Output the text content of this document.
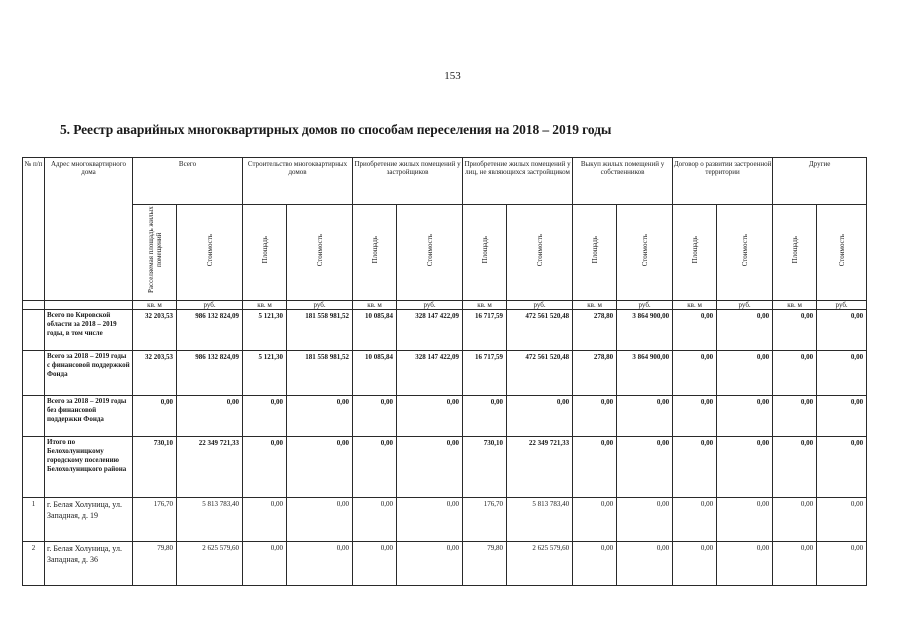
153
5. Реестр аварийных многоквартирных домов по способам переселения на 2018 – 2019 годы
№ п/п	Адрес многоквартирного дома	Всего		Строительство многоквартирных домов		Приобретение жилых помещений у застройщиков		Приобретение жилых помещений у лиц, не являющихся застройщиком		Выкуп жилых помещений у собственников		Договор о развитии застроенной территории		Другие	
		Расселяемая площадь жилых помещений	Стоимость	Площадь	Стоимость	Площадь	Стоимость	Площадь	Стоимость	Площадь	Стоимость	Площадь	Стоимость	Площадь	Стоимость
		кв. м	руб.	кв. м	руб.	кв. м	руб.	кв. м	руб.	кв. м	руб.	кв. м	руб.	кв. м	руб.
	Всего по Кировской области за 2018 – 2019 годы, в том числе	32 203,53	986 132 824,09	5 121,30	181 558 981,52	10 085,84	328 147 422,09	16 717,59	472 561 520,48	278,80	3 864 900,00	0,00	0,00	0,00	0,00
	Всего за 2018 – 2019 годы с финансовой поддержкой Фонда	32 203,53	986 132 824,09	5 121,30	181 558 981,52	10 085,84	328 147 422,09	16 717,59	472 561 520,48	278,80	3 864 900,00	0,00	0,00	0,00	0,00
	Всего за 2018 – 2019 годы без финансовой поддержки Фонда	0,00	0,00	0,00	0,00	0,00	0,00	0,00	0,00	0,00	0,00	0,00	0,00	0,00	0,00
	Итого по Белохолуницкому городскому поселению Белохолуницкого района	730,10	22 349 721,33	0,00	0,00	0,00	0,00	730,10	22 349 721,33	0,00	0,00	0,00	0,00	0,00	0,00
1	г. Белая Холуница, ул. Западная, д. 19	176,70	5 813 783,40	0,00	0,00	0,00	0,00	176,70	5 813 783,40	0,00	0,00	0,00	0,00	0,00	0,00
2	г. Белая Холуница, ул. Западная, д. 36	79,80	2 625 579,60	0,00	0,00	0,00	0,00	79,80	2 625 579,60	0,00	0,00	0,00	0,00	0,00	0,00
